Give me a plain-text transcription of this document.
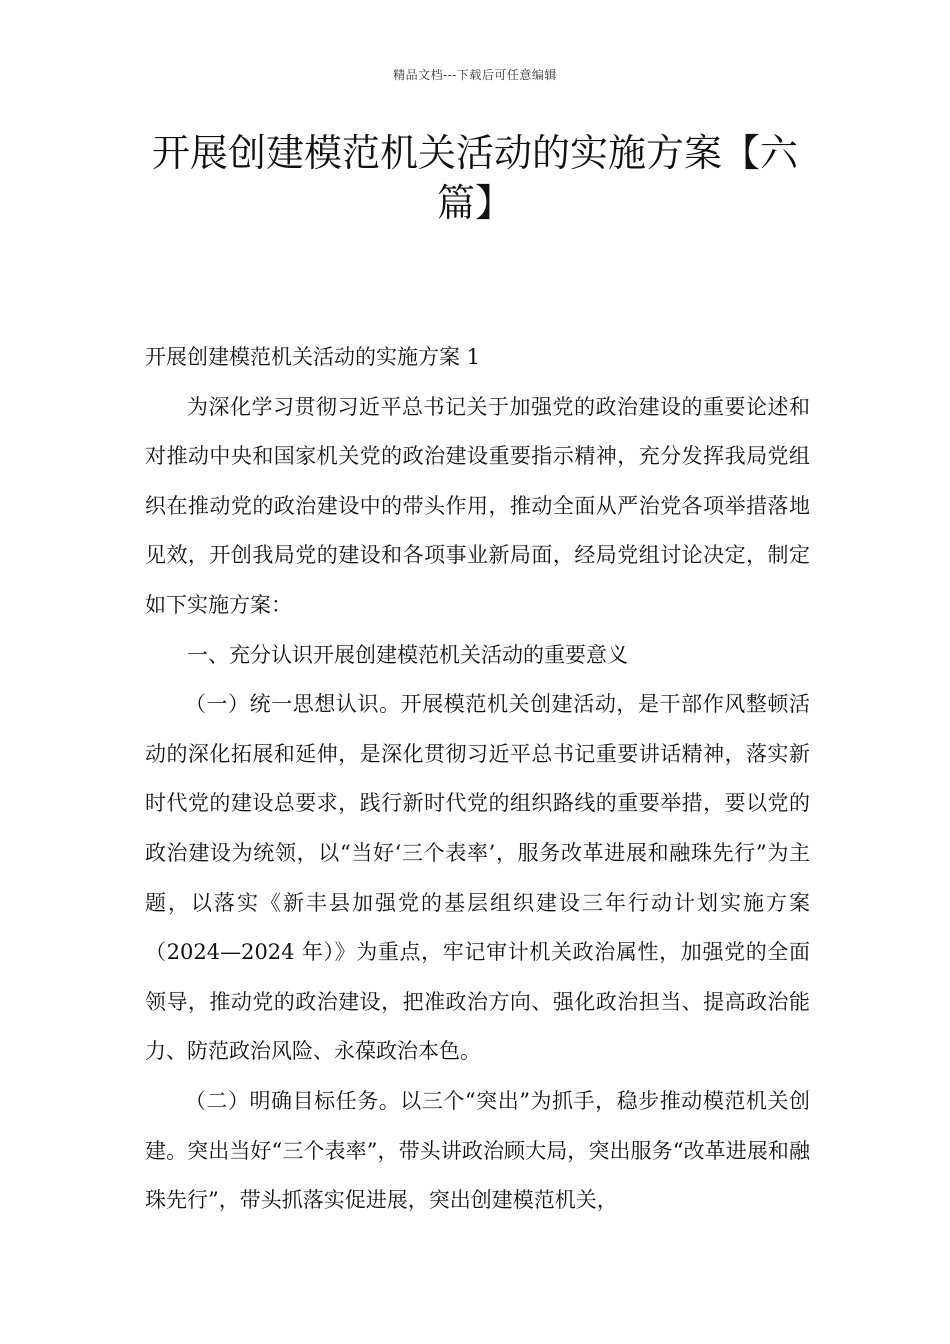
精品文档---下载后可任意编辑
开展创建模范机关活动的实施方案【六篇】

开展创建模范机关活动的实施方案 1

为深化学习贯彻习近平总书记关于加强党的政治建设的重要论述和对推动中央和国家机关党的政治建设重要指示精神，充分发挥我局党组织在推动党的政治建设中的带头作用，推动全面从严治党各项举措落地见效，开创我局党的建设和各项事业新局面，经局党组讨论决定，制定如下实施方案：

一、充分认识开展创建模范机关活动的重要意义

（一）统一思想认识。开展模范机关创建活动，是干部作风整顿活动的深化拓展和延伸，是深化贯彻习近平总书记重要讲话精神，落实新时代党的建设总要求，践行新时代党的组织路线的重要举措，要以党的政治建设为统领，以“当好‘三个表率’，服务改革进展和融珠先行”为主题，以落实《新丰县加强党的基层组织建设三年行动计划实施方案（2024—2024 年）》为重点，牢记审计机关政治属性，加强党的全面领导，推动党的政治建设，把准政治方向、强化政治担当、提高政治能力、防范政治风险、永葆政治本色。

（二）明确目标任务。以三个“突出”为抓手，稳步推动模范机关创建。突出当好“三个表率”，带头讲政治顾大局，突出服务“改革进展和融珠先行”，带头抓落实促进展，突出创建模范机关，
